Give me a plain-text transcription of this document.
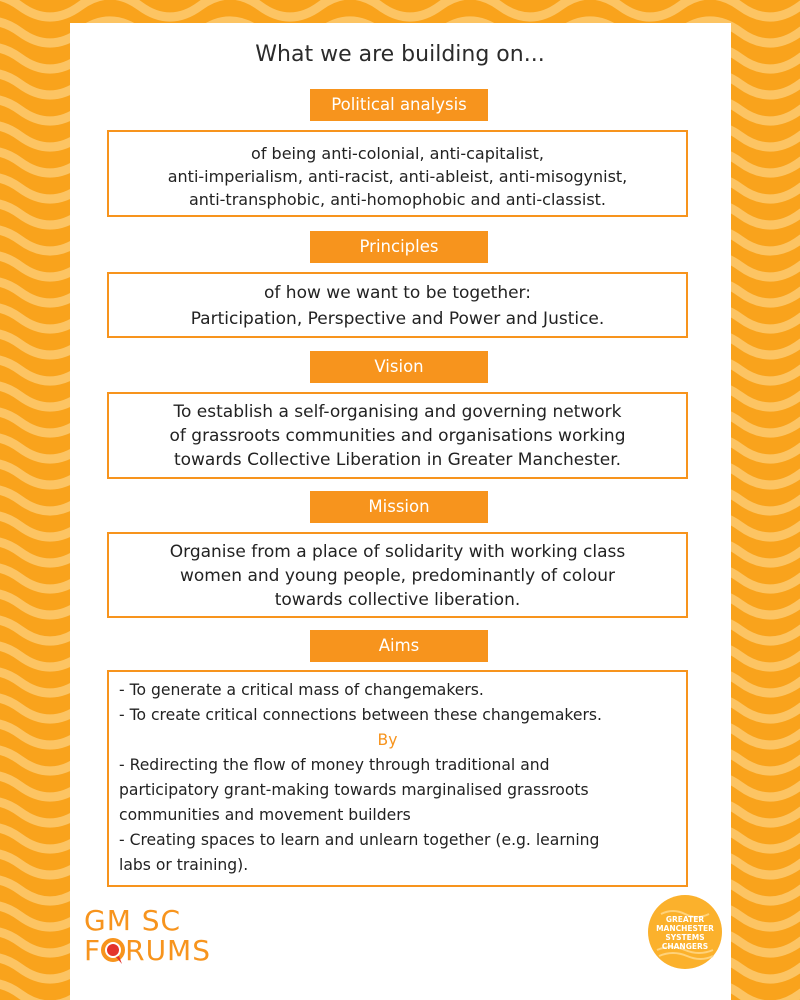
What we are building on...
Political analysis
of being anti-colonial, anti-capitalist,
anti-imperialism, anti-racist, anti-ableist, anti-misogynist,
anti-transphobic, anti-homophobic and anti-classist.
Principles
of how we want to be together:
Participation, Perspective and Power and Justice.
Vision
To establish a self-organising and governing network
of grassroots communities and organisations working
towards Collective Liberation in Greater Manchester.
Mission
Organise from a place of solidarity with working class
women and young people, predominantly of colour
towards collective liberation.
Aims
- To generate a critical mass of changemakers.
- To create critical connections between these changemakers.
By
- Redirecting the flow of money through traditional and
participatory grant-making towards marginalised grassroots
communities and movement builders
- Creating spaces to learn and unlearn together (e.g. learning
labs or training).
GM SC
F RUMS
GREATER
MANCHESTER
SYSTEMS
CHANGERS
